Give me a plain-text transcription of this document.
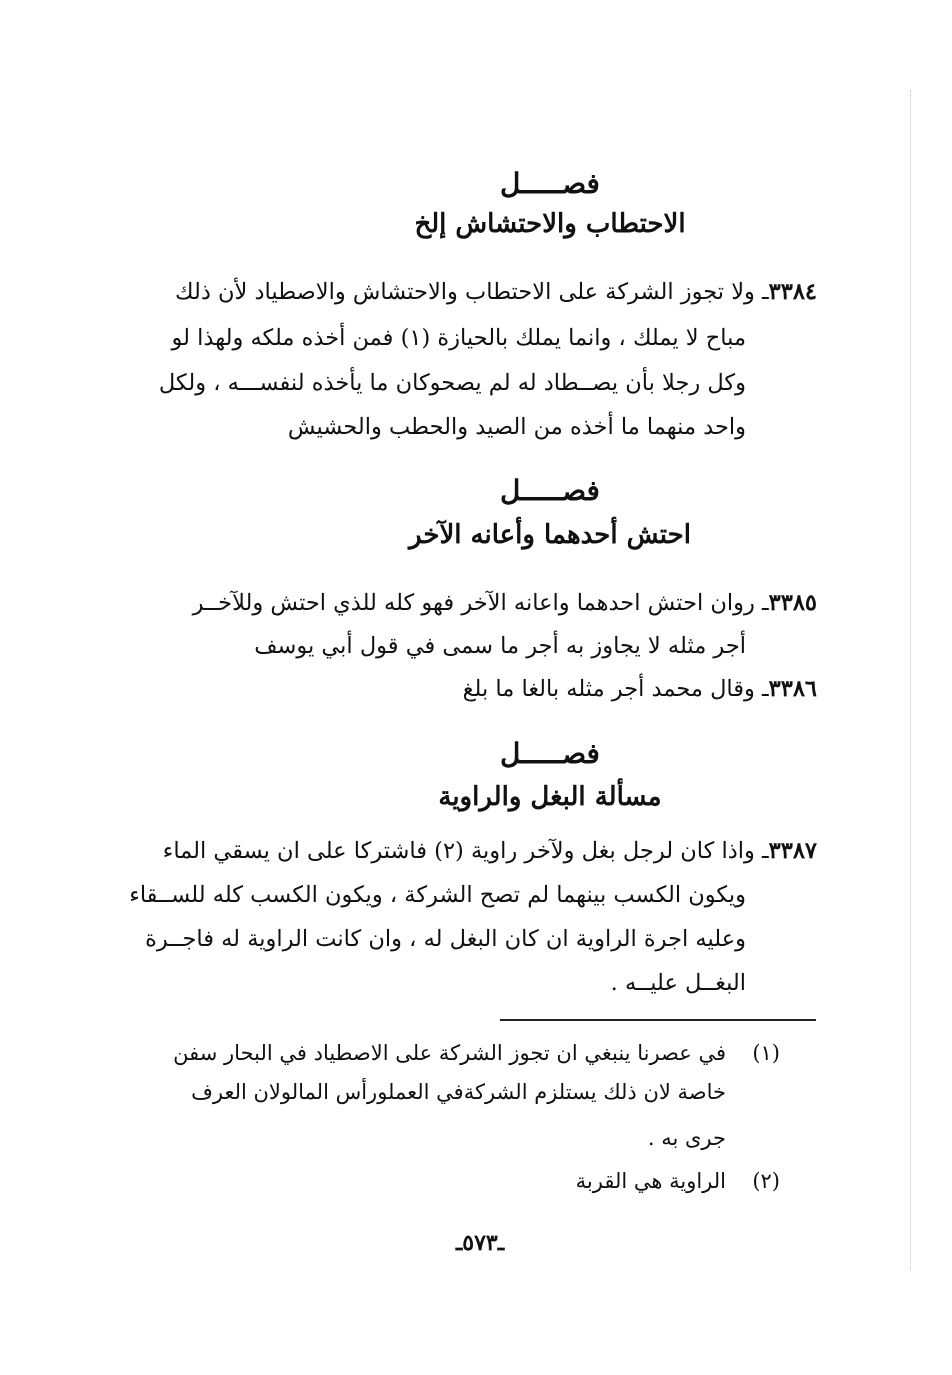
فصـــــل
الاحتطاب والاحتشاش إلخ
٣٣٨٤ـ ولا تجوز الشركة على الاحتطاب والاحتشاش والاصطياد لأن ذلك
مباح لا يملك ، وانما يملك بالحيازة (١) فمن أخذه ملكه ولهذا لو
وكل رجلا بأن يصــطاد له لم يصحوكان ما يأخذه لنفســـه ، ولكل
واحد منهما ما أخذه من الصيد والحطب والحشيش
فصـــــل
احتش أحدهما وأعانه الآخر
٣٣٨٥ـ روان احتش احدهما واعانه الآخر فهو كله للذي احتش وللآخــر
أجر مثله لا يجاوز به أجر ما سمى في قول أبي يوسف
٣٣٨٦ـ وقال محمد أجر مثله بالغا ما بلغ
فصـــــل
مسألة البغل والراوية
٣٣٨٧ـ واذا كان لرجل بغل ولآخر راوية (٢) فاشتركا على ان يسقي الماء
ويكون الكسب بينهما لم تصح الشركة ، ويكون الكسب كله للســقاء
وعليه اجرة الراوية ان كان البغل له ، وان كانت الراوية له فاجــرة
البغــل عليــه .
(١)
في عصرنا ينبغي ان تجوز الشركة على الاصطياد في البحار سفن
خاصة لان ذلك يستلزم الشركةفي العملورأس المالولان العرف
جرى به .
(٢)
الراوية هي القربة
ـ٥٧٣ـ
